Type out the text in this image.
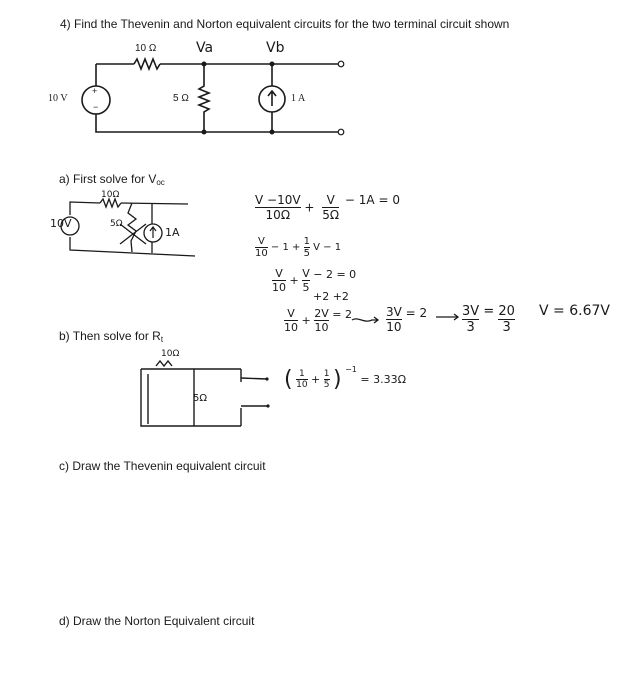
4) Find the Thevenin and Norton equivalent circuits for the two terminal circuit shown
10 Ω	Va	Vb
10 V
+
−
5 Ω	1 A
a) First solve for $V_{oc}$
10V
10Ω
5Ω
1A
$\frac{V -10V}{10\Omega} + \frac{V}{5\Omega} - 1A = 0$
$\frac{V}{10} - 1 + \frac{1}{5}$ V − 1
$\frac{V}{10} + \frac{V}{5} - 2 = 0$
+2 +2
$\frac{V}{10} + \frac{2V}{10} = 2$	$\frac{3V}{10} = 2$	$\frac{3V}{3} = \frac{20}{3}$ V = 6.67V
( $\frac{1}{10} + \frac{1}{5}$ ) $^{-1}$ = 3.33Ω
b) Then solve for $R_t$
10Ω
5Ω
c) Draw the Thevenin equivalent circuit
d) Draw the Norton Equivalent circuit
